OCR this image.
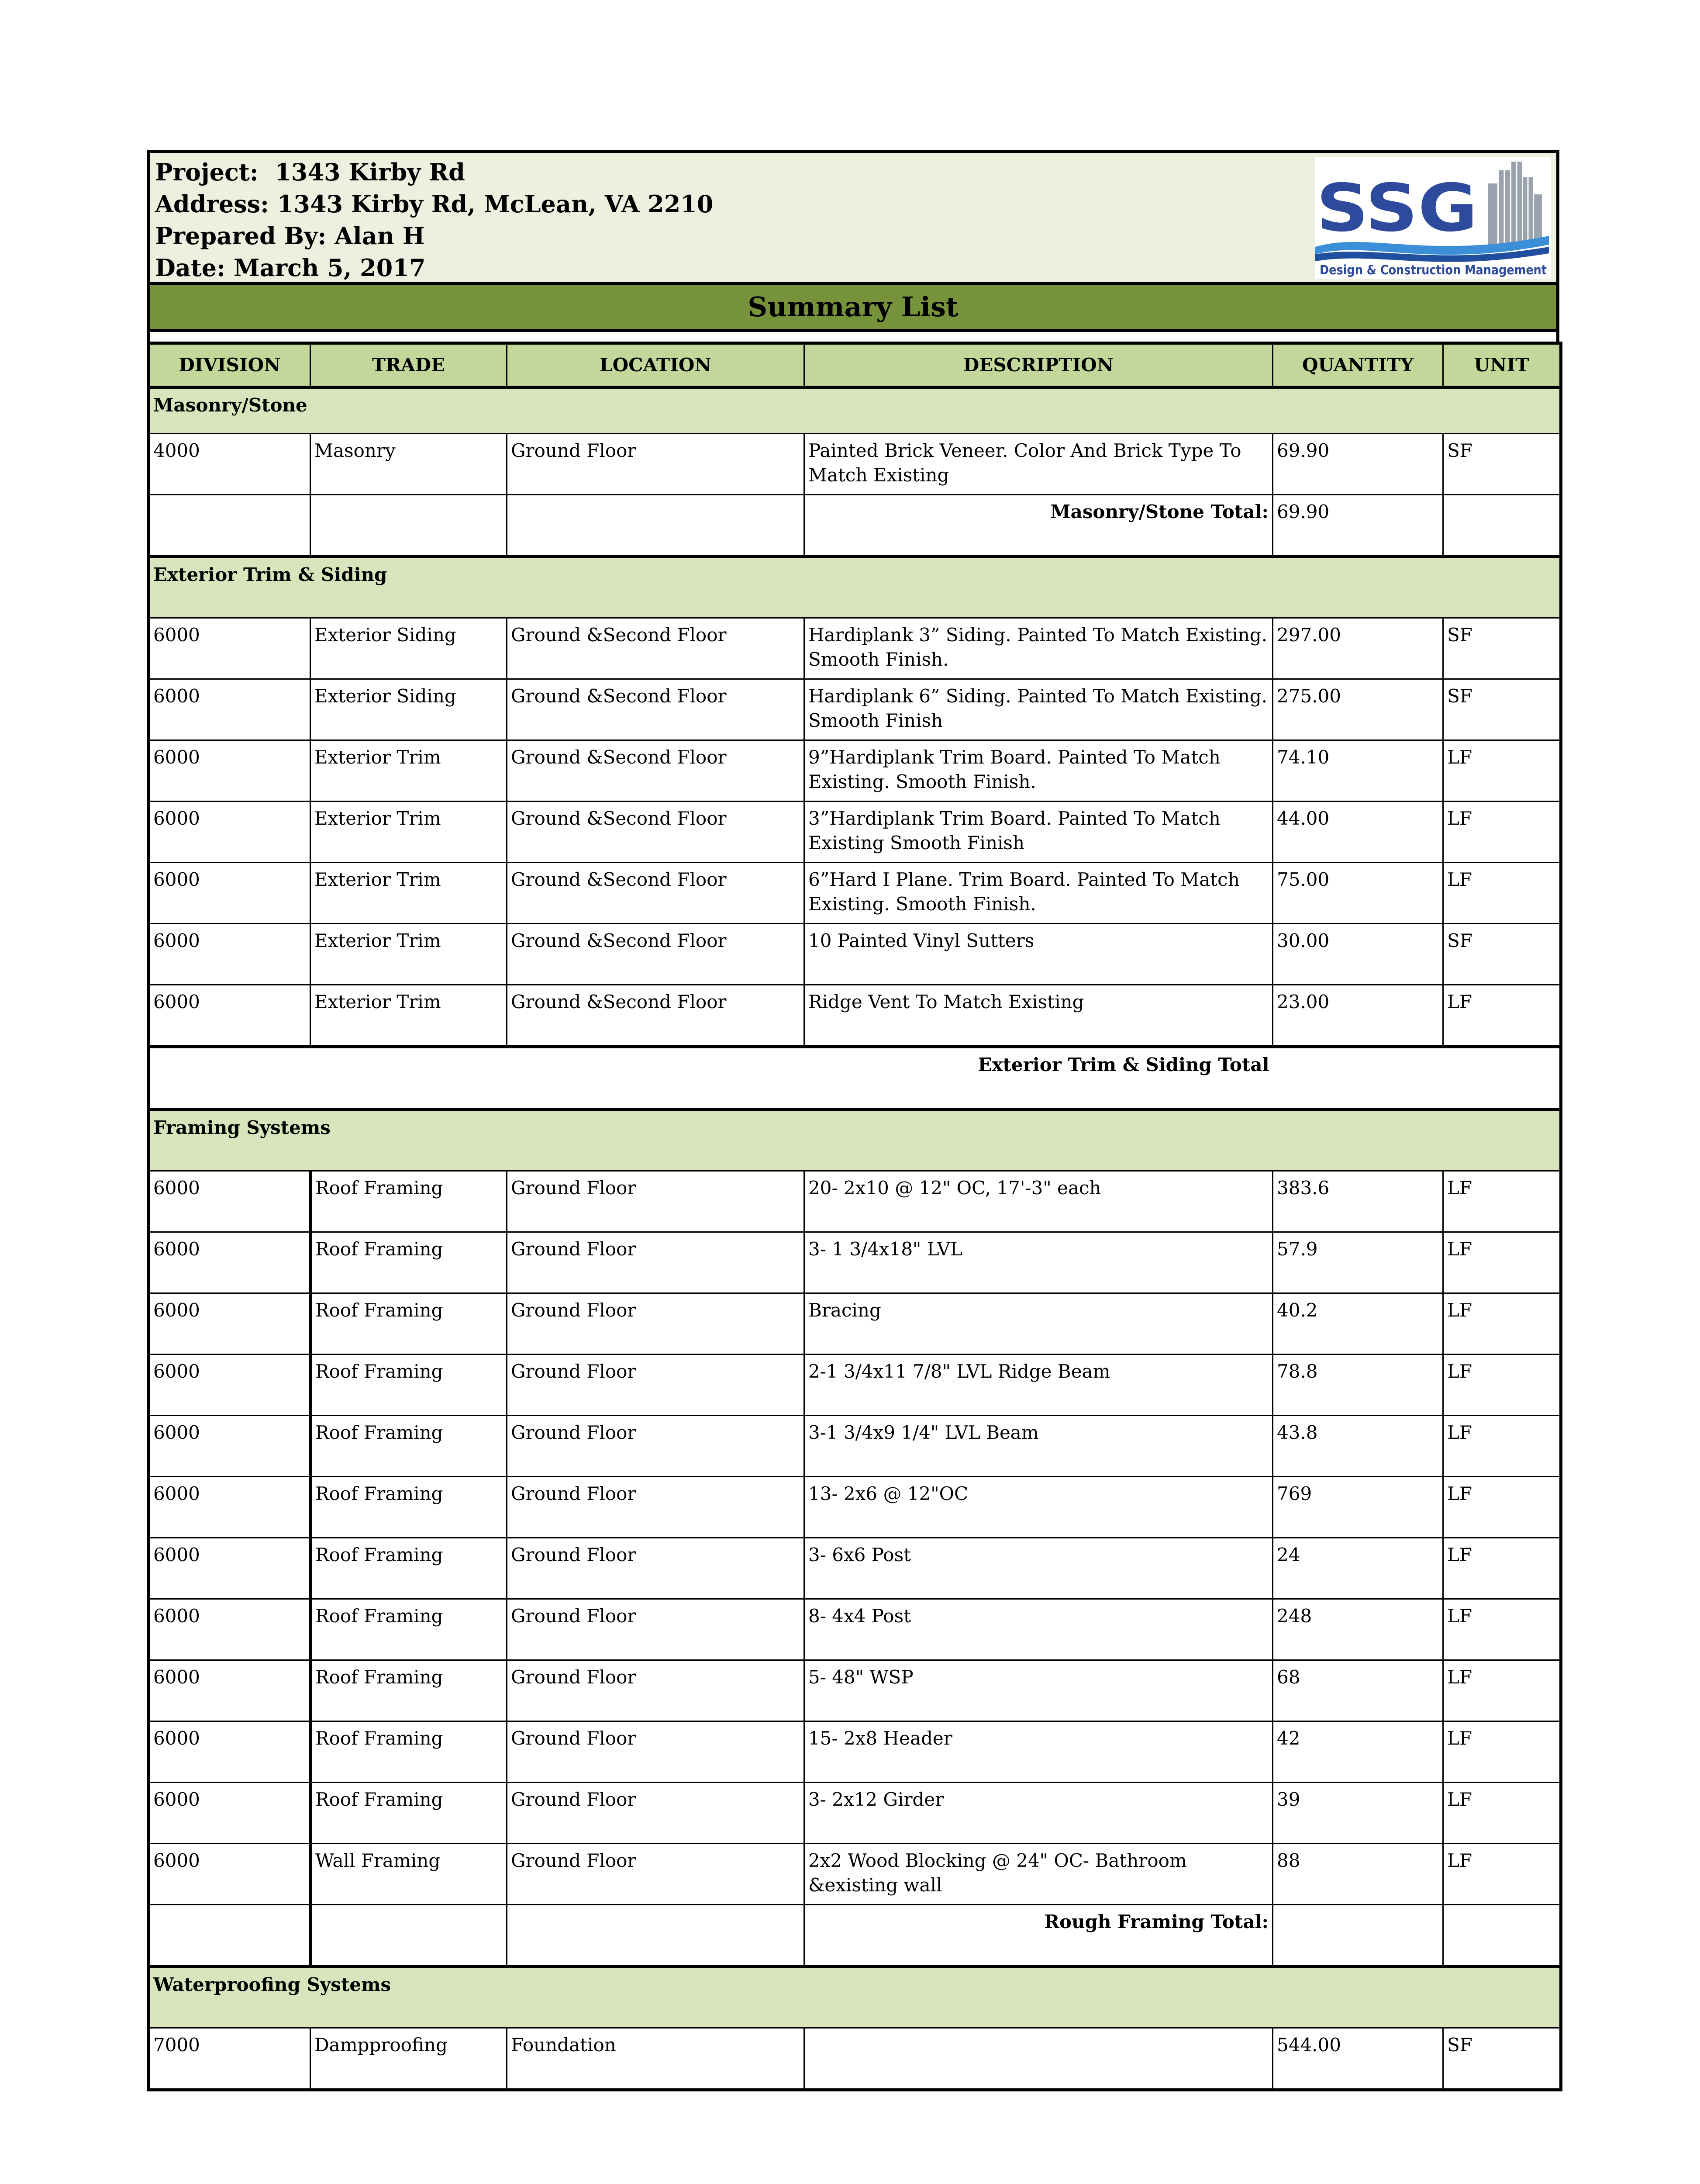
Project:  1343 Kirby Rd
Address: 1343 Kirby Rd, McLean, VA 2210
Prepared By: Alan H
Date: March 5, 2017
SSG
Design & Construction Management
Summary List
DIVISION	TRADE	LOCATION	DESCRIPTION	QUANTITY	UNIT
Masonry/Stone					
4000	Masonry	Ground Floor	Painted Brick Veneer. Color And Brick Type To Match Existing	69.90	SF
			Masonry/Stone Total:	69.90	
Exterior Trim & Siding					
6000	Exterior Siding	Ground &Second Floor	Hardiplank 3” Siding. Painted To Match Existing. Smooth Finish.	297.00	SF
6000	Exterior Siding	Ground &Second Floor	Hardiplank 6” Siding. Painted To Match Existing. Smooth Finish	275.00	SF
6000	Exterior Trim	Ground &Second Floor	9”Hardiplank Trim Board. Painted To Match Existing. Smooth Finish.	74.10	LF
6000	Exterior Trim	Ground &Second Floor	3”Hardiplank Trim Board. Painted To Match Existing Smooth Finish	44.00	LF
6000	Exterior Trim	Ground &Second Floor	6”Hard I Plane. Trim Board. Painted To Match Existing. Smooth Finish.	75.00	LF
6000	Exterior Trim	Ground &Second Floor	10 Painted Vinyl Sutters	30.00	SF
6000	Exterior Trim	Ground &Second Floor	Ridge Vent To Match Existing	23.00	LF
Exterior Trim & Siding Total					
Framing Systems					
6000	Roof Framing	Ground Floor	20- 2x10 @ 12" OC, 17'-3" each	383.6	LF
6000	Roof Framing	Ground Floor	3- 1 3/4x18" LVL	57.9	LF
6000	Roof Framing	Ground Floor	Bracing	40.2	LF
6000	Roof Framing	Ground Floor	2-1 3/4x11 7/8" LVL Ridge Beam	78.8	LF
6000	Roof Framing	Ground Floor	3-1 3/4x9 1/4" LVL Beam	43.8	LF
6000	Roof Framing	Ground Floor	13- 2x6 @ 12"OC	769	LF
6000	Roof Framing	Ground Floor	3- 6x6 Post	24	LF
6000	Roof Framing	Ground Floor	8- 4x4 Post	248	LF
6000	Roof Framing	Ground Floor	5- 48" WSP	68	LF
6000	Roof Framing	Ground Floor	15- 2x8 Header	42	LF
6000	Roof Framing	Ground Floor	3- 2x12 Girder	39	LF
6000	Wall Framing	Ground Floor	2x2 Wood Blocking @ 24" OC- Bathroom &existing wall	88	LF
			Rough Framing Total:		
Waterproofing Systems					
7000	Dampproofing	Foundation		544.00	SF
